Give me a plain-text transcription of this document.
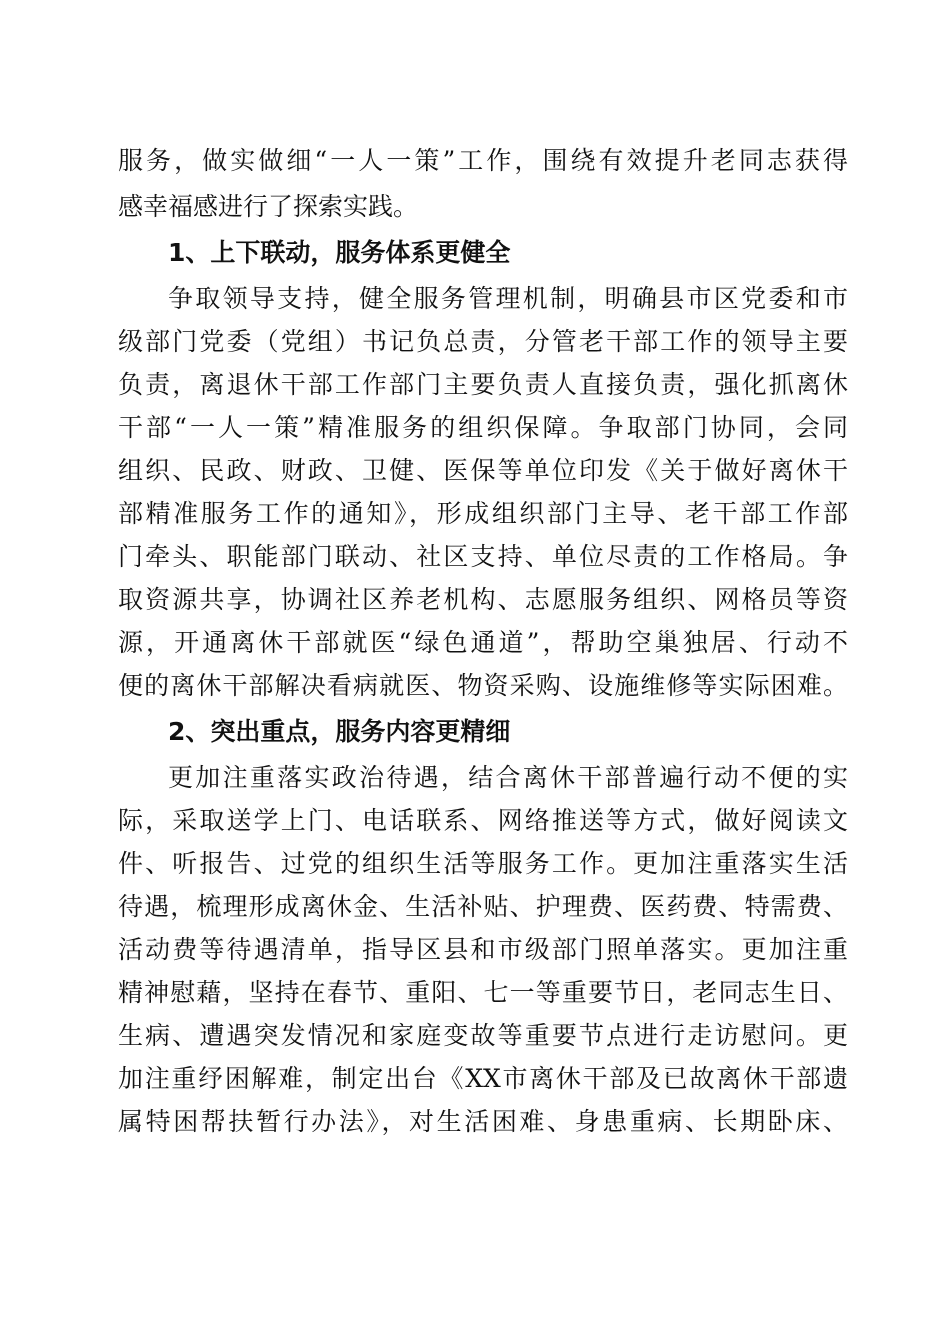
服务，做实做细“一人一策”工作，围绕有效提升老同志获得
感幸福感进行了探索实践。
1、上下联动，服务体系更健全
争取领导支持，健全服务管理机制，明确县市区党委和市
级部门党委（党组）书记负总责，分管老干部工作的领导主要
负责，离退休干部工作部门主要负责人直接负责，强化抓离休
干部“一人一策”精准服务的组织保障。争取部门协同，会同
组织、民政、财政、卫健、医保等单位印发《关于做好离休干
部精准服务工作的通知》，形成组织部门主导、老干部工作部
门牵头、职能部门联动、社区支持、单位尽责的工作格局。争
取资源共享，协调社区养老机构、志愿服务组织、网格员等资
源，开通离休干部就医“绿色通道”，帮助空巢独居、行动不
便的离休干部解决看病就医、物资采购、设施维修等实际困难。
2、突出重点，服务内容更精细
更加注重落实政治待遇，结合离休干部普遍行动不便的实
际，采取送学上门、电话联系、网络推送等方式，做好阅读文
件、听报告、过党的组织生活等服务工作。更加注重落实生活
待遇，梳理形成离休金、生活补贴、护理费、医药费、特需费、
活动费等待遇清单，指导区县和市级部门照单落实。更加注重
精神慰藉，坚持在春节、重阳、七一等重要节日，老同志生日、
生病、遭遇突发情况和家庭变故等重要节点进行走访慰问。更
加注重纾困解难，制定出台《XX市离休干部及已故离休干部遗
属特困帮扶暂行办法》，对生活困难、身患重病、长期卧床、
